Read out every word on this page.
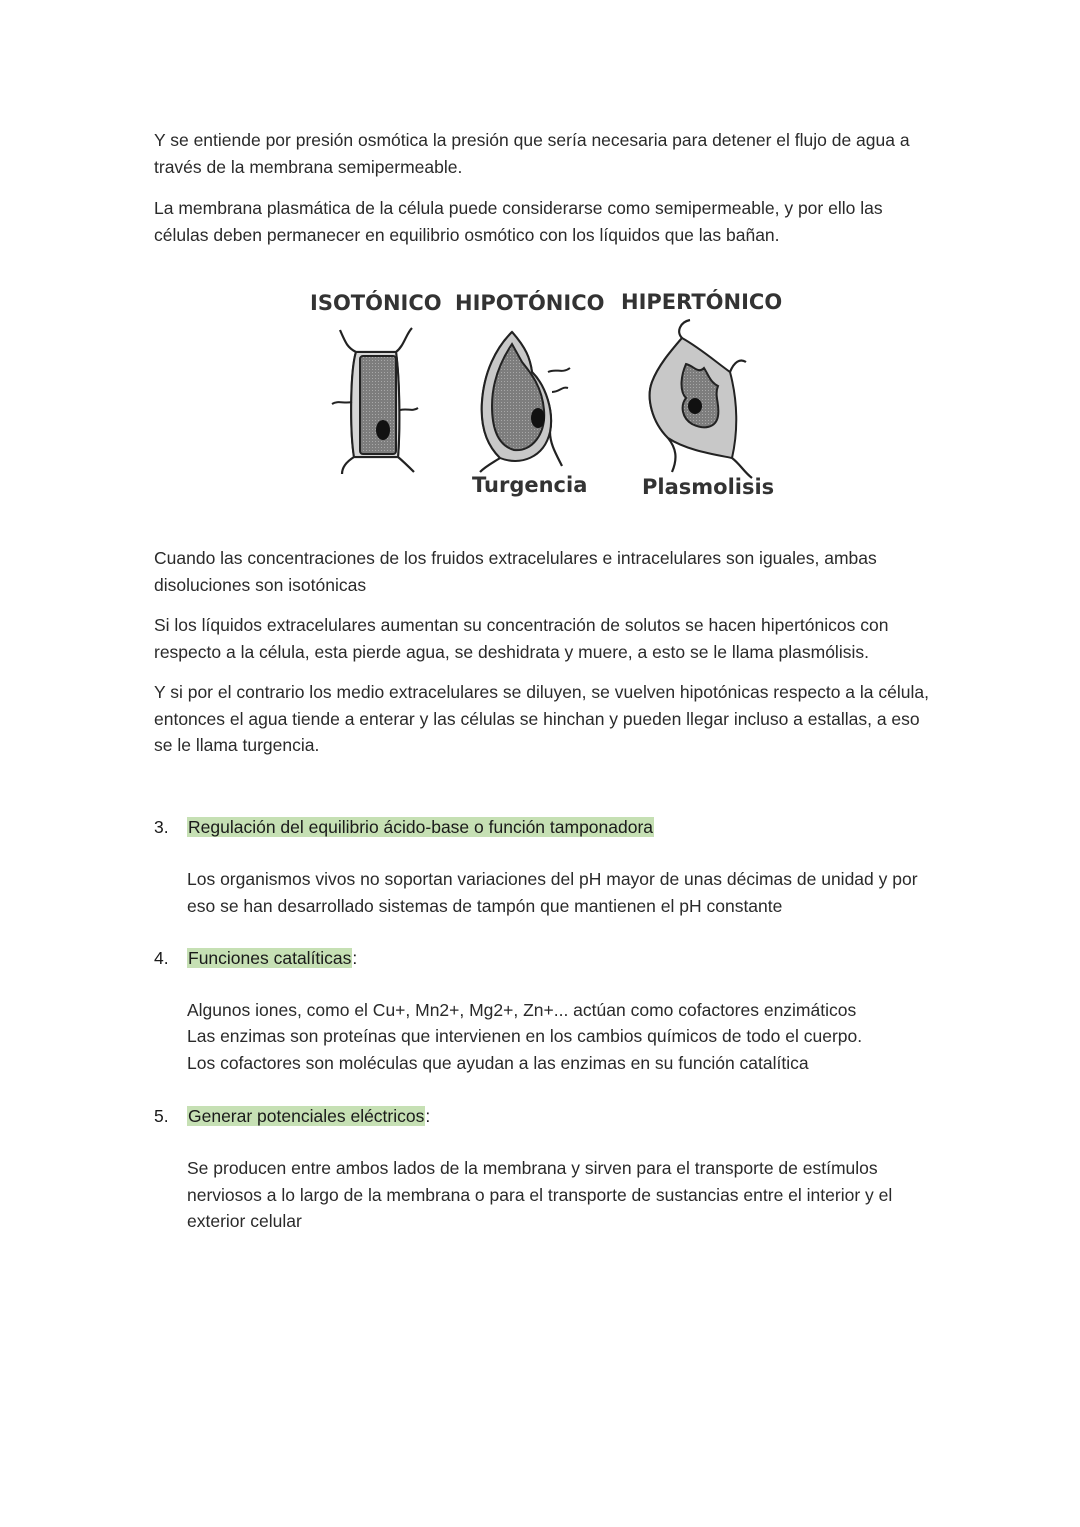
Y se entiende por presión osmótica la presión que sería necesaria para detener el flujo de agua a través de la membrana semipermeable.

La membrana plasmática de la célula puede considerarse como semipermeable, y por ello las células deben permanecer en equilibrio osmótico con los líquidos que las bañan.

ISOTÓNICO HIPOTÓNICO HIPERTÓNICO
Turgencia	Plasmolisis

Cuando las concentraciones de los fruidos extracelulares e intracelulares son iguales, ambas disoluciones son isotónicas

Si los líquidos extracelulares aumentan su concentración de solutos se hacen hipertónicos con respecto a la célula, esta pierde agua, se deshidrata y muere, a esto se le llama plasmólisis.

Y si por el contrario los medio extracelulares se diluyen, se vuelven hipotónicas respecto a la célula, entonces el agua tiende a enterar y las células se hinchan y pueden llegar incluso a estallas, a eso se le llama turgencia.

3. Regulación del equilibrio ácido-base o función tamponadora

Los organismos vivos no soportan variaciones del pH mayor de unas décimas de unidad y por eso se han desarrollado sistemas de tampón que mantienen el pH constante

4. Funciones catalíticas:

Algunos iones, como el Cu+, Mn2+, Mg2+, Zn+... actúan como cofactores enzimáticos

Las enzimas son proteínas que intervienen en los cambios químicos de todo el cuerpo.

Los cofactores son moléculas que ayudan a las enzimas en su función catalítica

5. Generar potenciales eléctricos:

Se producen entre ambos lados de la membrana y sirven para el transporte de estímulos nerviosos a lo largo de la membrana o para el transporte de sustancias entre el interior y el exterior celular
